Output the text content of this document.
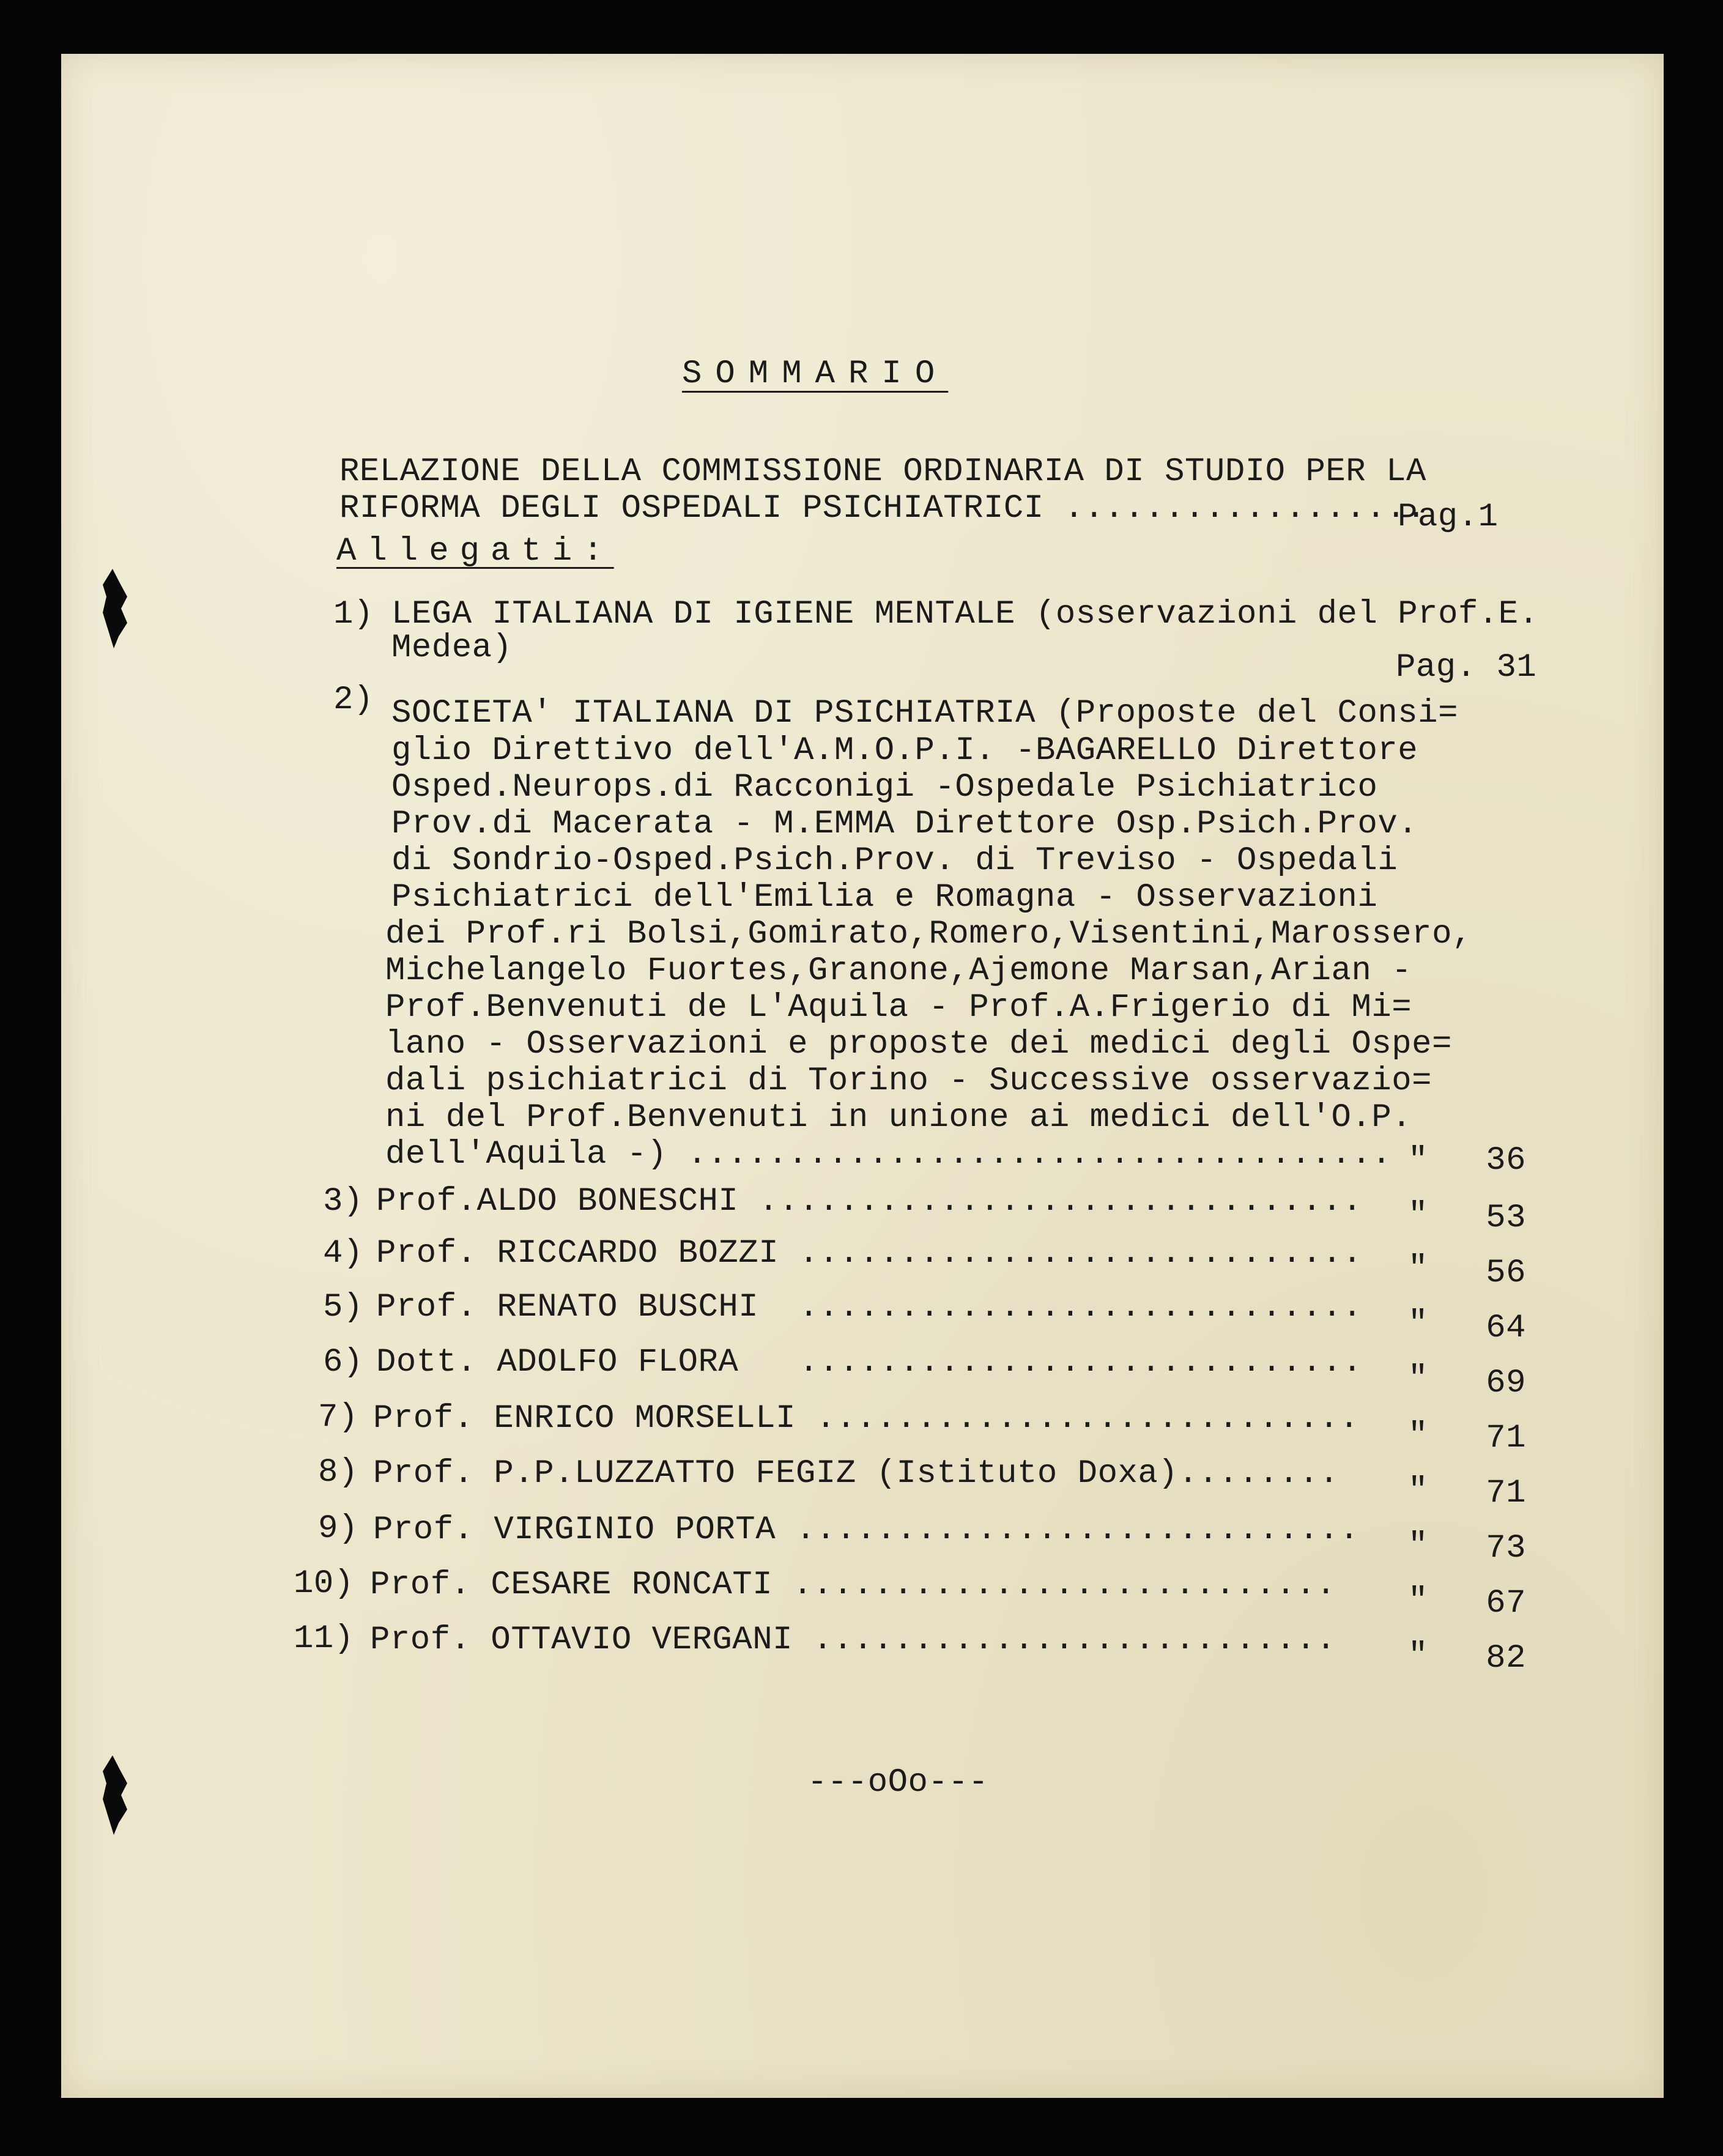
SOMMARIO
RELAZIONE DELLA COMMISSIONE ORDINARIA DI STUDIO PER LA
RIFORMA DEGLI OSPEDALI PSICHIATRICI ..................
Pag.1
Allegati:
1) LEGA ITALIANA DI IGIENE MENTALE (osservazioni del Prof.E.
Medea)
Pag. 31
2) SOCIETA' ITALIANA DI PSICHIATRIA (Proposte del Consi=
glio Direttivo dell'A.M.O.P.I. -BAGARELLO Direttore
Osped.Neurops.di Racconigi -Ospedale Psichiatrico
Prov.di Macerata - M.EMMA Direttore Osp.Psich.Prov.
di Sondrio-Osped.Psich.Prov. di Treviso - Ospedali
Psichiatrici dell'Emilia e Romagna - Osservazioni
dei Prof.ri Bolsi,Gomirato,Romero,Visentini,Marossero,
Michelangelo Fuortes,Granone,Ajemone Marsan,Arian -
Prof.Benvenuti de L'Aquila - Prof.A.Frigerio di Mi=
lano - Osservazioni e proposte dei medici degli Ospe=
dali psichiatrici di Torino - Successive osservazio=
ni del Prof.Benvenuti in unione ai medici dell'O.P.
dell'Aquila -) ................................... "	36
3) Prof.ALDO BONESCHI .............................. "	53
4) Prof. RICCARDO BOZZI ............................ "	56
5) Prof. RENATO BUSCHI  ............................ "	64
6) Dott. ADOLFO FLORA   ............................ "	69
7) Prof. ENRICO MORSELLI ........................... "	71
8) Prof. P.P.LUZZATTO FEGIZ (Istituto Doxa)........ "	71
9) Prof. VIRGINIO PORTA ............................ "	73
10) Prof. CESARE RONCATI ........................... "	67
11) Prof. OTTAVIO VERGANI .......................... "	82
---oOo---
